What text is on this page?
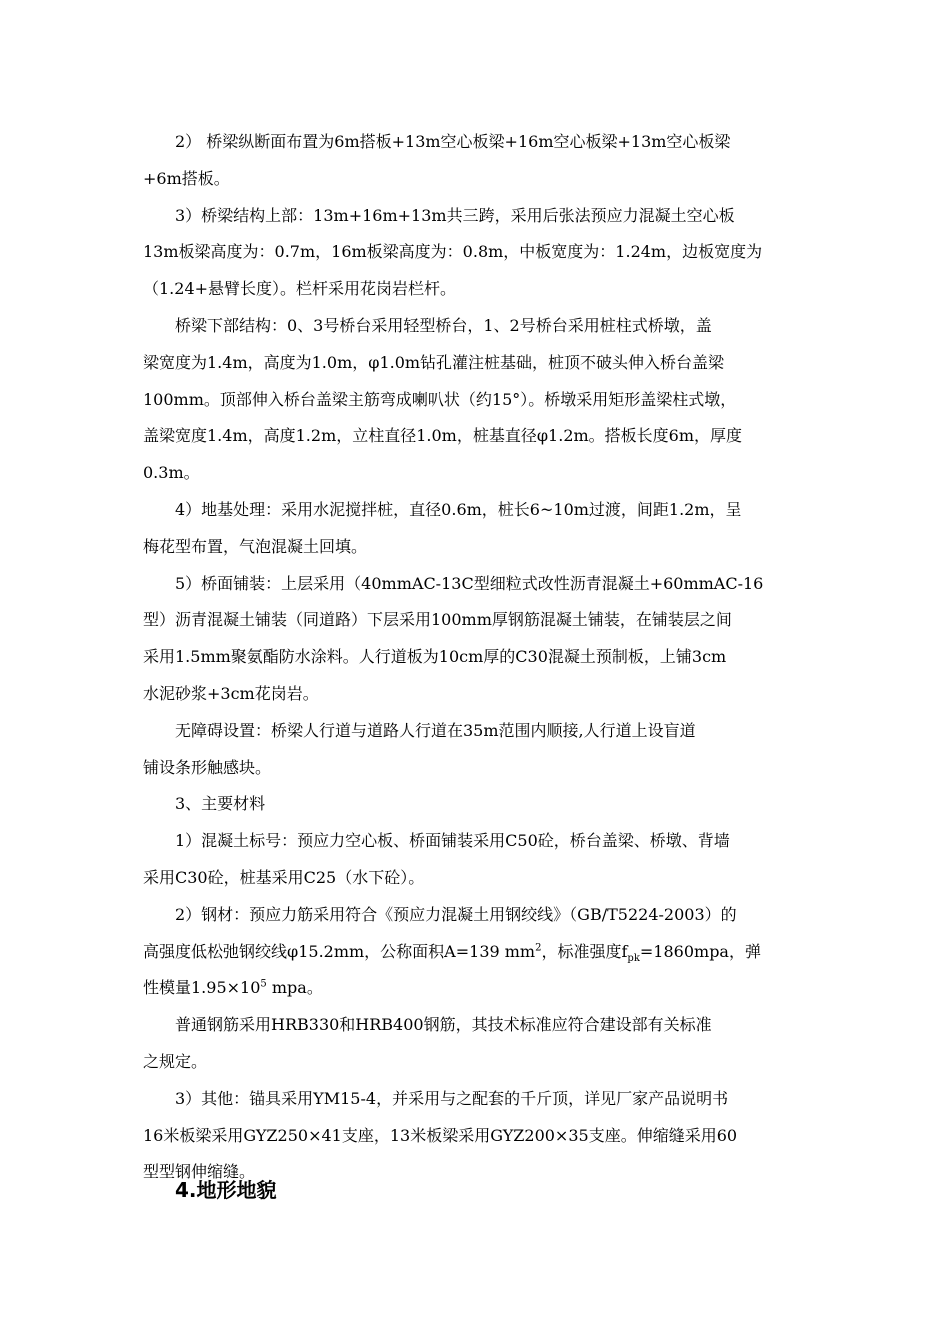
2） 桥梁纵断面布置为6m搭板+13m空心板梁+16m空心板梁+13m空心板梁

+6m搭板。

3）桥梁结构上部：13m+16m+13m共三跨，采用后张法预应力混凝土空心板

13m板梁高度为：0.7m，16m板梁高度为：0.8m，中板宽度为：1.24m，边板宽度为

（1.24+悬臂长度）。栏杆采用花岗岩栏杆。

桥梁下部结构：0、3号桥台采用轻型桥台，1、2号桥台采用桩柱式桥墩，盖

梁宽度为1.4m，高度为1.0m，φ1.0m钻孔灌注桩基础，桩顶不破头伸入桥台盖梁

100mm。顶部伸入桥台盖梁主筋弯成喇叭状（约15°）。桥墩采用矩形盖梁柱式墩，

盖梁宽度1.4m，高度1.2m，立柱直径1.0m，桩基直径φ1.2m。搭板长度6m，厚度

0.3m。

4）地基处理：采用水泥搅拌桩，直径0.6m，桩长6~10m过渡，间距1.2m，呈

梅花型布置，气泡混凝土回填。

5）桥面铺装：上层采用（40mmAC-13C型细粒式改性沥青混凝土+60mmAC-16

型）沥青混凝土铺装（同道路）下层采用100mm厚钢筋混凝土铺装，在铺装层之间

采用1.5mm聚氨酯防水涂料。人行道板为10cm厚的C30混凝土预制板，上铺3cm

水泥砂浆+3cm花岗岩。

无障碍设置：桥梁人行道与道路人行道在35m范围内顺接,人行道上设盲道

铺设条形触感块。

3、主要材料

1）混凝土标号：预应力空心板、桥面铺装采用C50砼，桥台盖梁、桥墩、背墙

采用C30砼，桩基采用C25（水下砼）。

2）钢材：预应力筋采用符合《预应力混凝土用钢绞线》（GB/T5224-2003）的

高强度低松弛钢绞线φ15.2mm，公称面积A=139 $mm^2$，标准强度$f_{pk}=1860mpa$，弹

性模量$1.95\times 10^5$ mpa。

普通钢筋采用HRB330和HRB400钢筋，其技术标准应符合建设部有关标准

之规定。

3）其他：锚具采用YM15-4，并采用与之配套的千斤顶，详见厂家产品说明书

16米板梁采用GYZ250×41支座，13米板梁采用GYZ200×35支座。伸缩缝采用60

型型钢伸缩缝。

4.地形地貌
